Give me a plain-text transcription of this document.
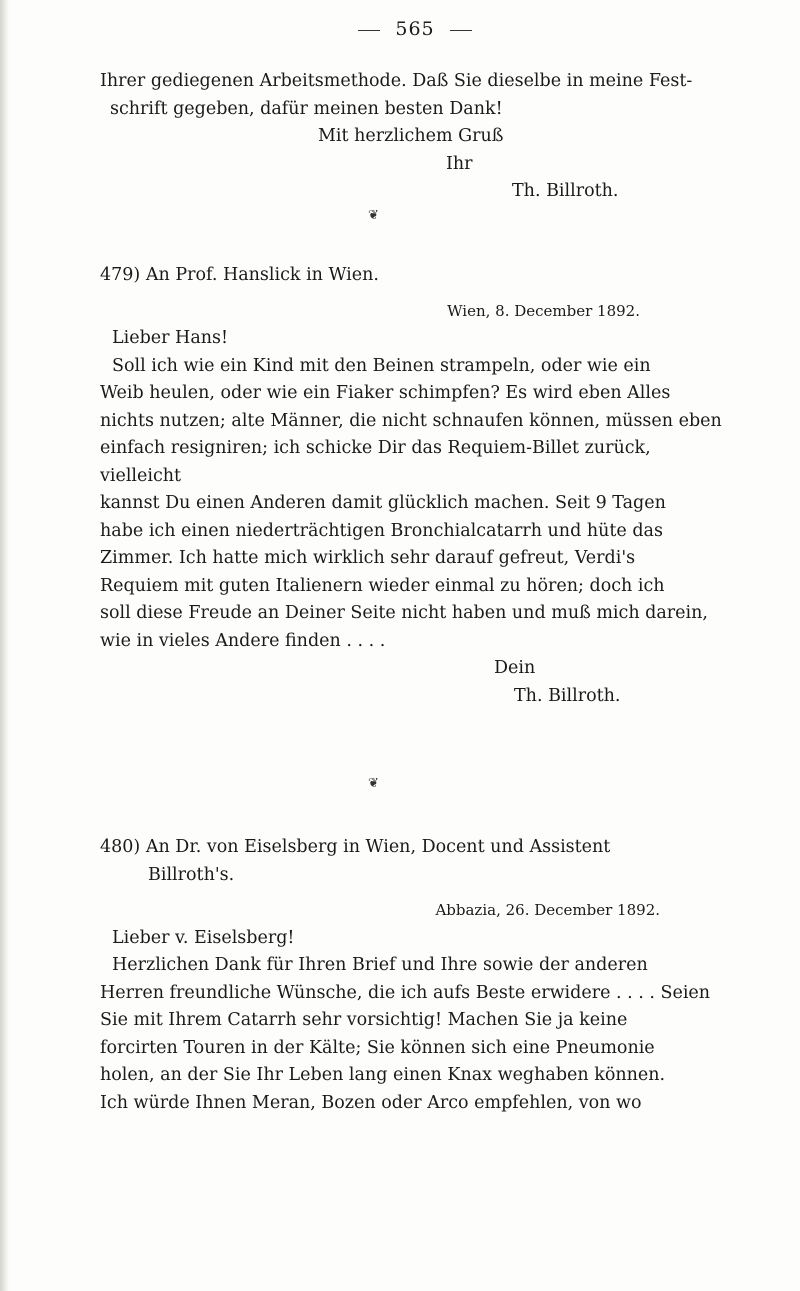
565
Ihrer gediegenen Arbeitsmethode. Daß Sie dieselbe in meine Fest-
schrift gegeben, dafür meinen besten Dank!
Mit herzlichem Gruß
Ihr
Th. Billroth.
❦
479) An Prof. Hanslick in Wien.
Wien, 8. December 1892.
Lieber Hans!
Soll ich wie ein Kind mit den Beinen strampeln, oder wie ein
Weib heulen, oder wie ein Fiaker schimpfen? Es wird eben Alles
nichts nutzen; alte Männer, die nicht schnaufen können, müssen eben
einfach resigniren; ich schicke Dir das Requiem-Billet zurück, vielleicht
kannst Du einen Anderen damit glücklich machen. Seit 9 Tagen
habe ich einen niederträchtigen Bronchialcatarrh und hüte das
Zimmer. Ich hatte mich wirklich sehr darauf gefreut, Verdi's
Requiem mit guten Italienern wieder einmal zu hören; doch ich
soll diese Freude an Deiner Seite nicht haben und muß mich darein,
wie in vieles Andere finden . . . .
Dein
Th. Billroth.
❦
480) An Dr. von Eiselsberg in Wien, Docent und Assistent
Billroth's.
Abbazia, 26. December 1892.
Lieber v. Eiselsberg!
Herzlichen Dank für Ihren Brief und Ihre sowie der anderen
Herren freundliche Wünsche, die ich aufs Beste erwidere . . . . Seien
Sie mit Ihrem Catarrh sehr vorsichtig! Machen Sie ja keine
forcirten Touren in der Kälte; Sie können sich eine Pneumonie
holen, an der Sie Ihr Leben lang einen Knax weghaben können.
Ich würde Ihnen Meran, Bozen oder Arco empfehlen, von wo
